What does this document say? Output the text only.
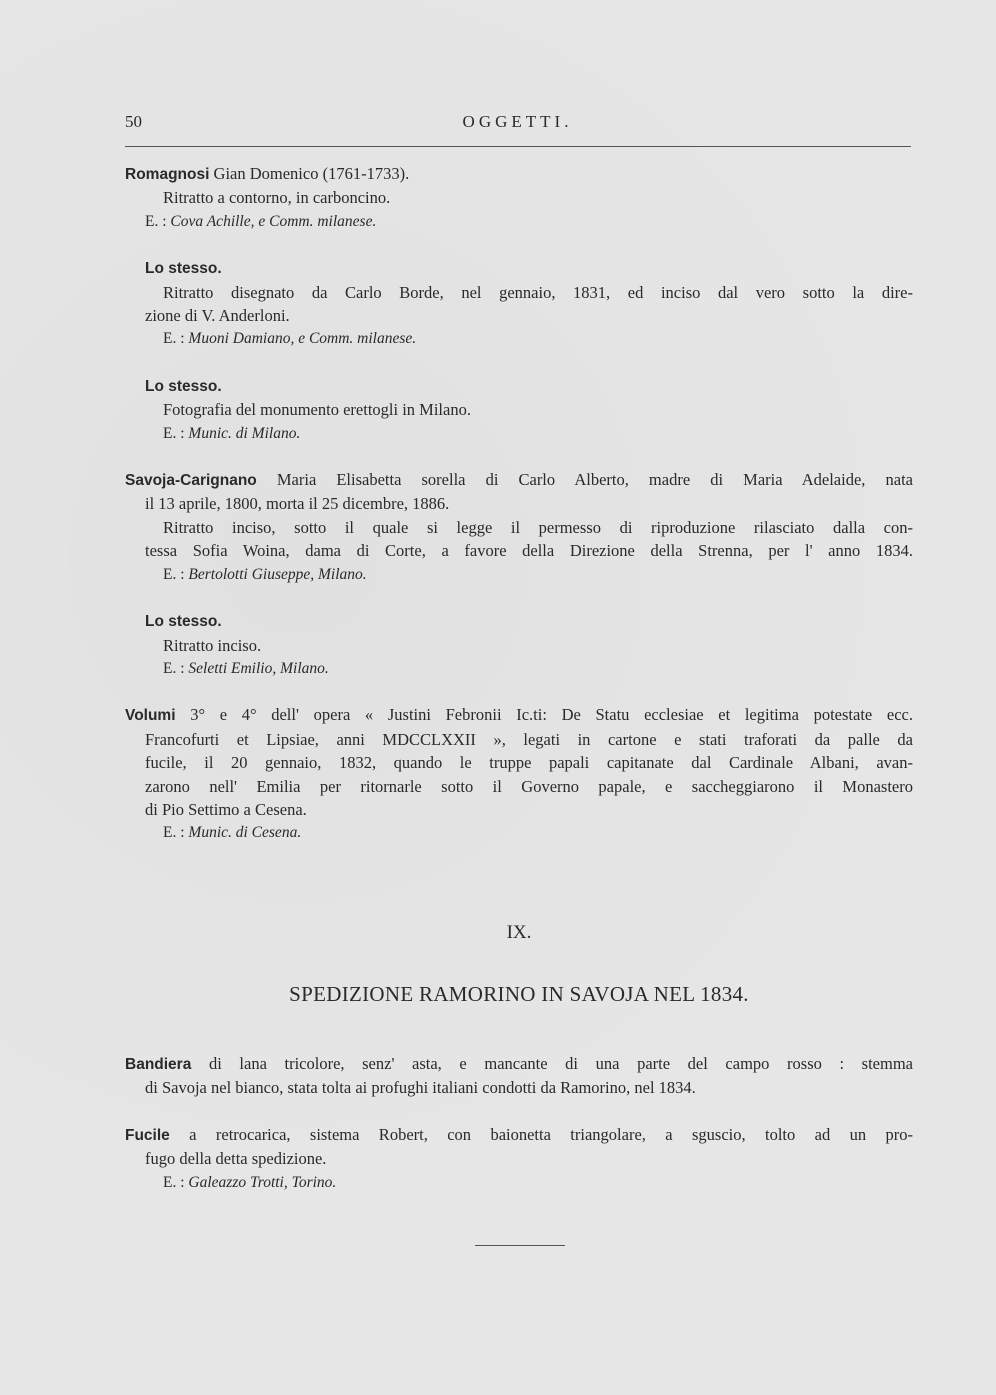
50	OGGETTI.

Romagnosi Gian Domenico (1761-1733).

Ritratto a contorno, in carboncino.

E. : Cova Achille, e Comm. milanese.

Lo stesso.

Ritratto disegnato da Carlo Borde, nel gennaio, 1831, ed inciso dal vero sotto la dire-

zione di V. Anderloni.

E. : Muoni Damiano, e Comm. milanese.

Lo stesso.

Fotografia del monumento erettogli in Milano.

E. : Munic. di Milano.

Savoja-Carignano Maria Elisabetta sorella di Carlo Alberto, madre di Maria Adelaide, nata

il 13 aprile, 1800, morta il 25 dicembre, 1886.

Ritratto inciso, sotto il quale si legge il permesso di riproduzione rilasciato dalla con-

tessa Sofia Woina, dama di Corte, a favore della Direzione della Strenna, per l' anno 1834.

E. : Bertolotti Giuseppe, Milano.

Lo stesso.

Ritratto inciso.

E. : Seletti Emilio, Milano.

Volumi 3° e 4° dell' opera « Justini Febronii Ic.ti: De Statu ecclesiae et legitima potestate ecc.

Francofurti et Lipsiae, anni MDCCLXXII », legati in cartone e stati traforati da palle da

fucile, il 20 gennaio, 1832, quando le truppe papali capitanate dal Cardinale Albani, avan-

zarono nell' Emilia per ritornarle sotto il Governo papale, e saccheggiarono il Monastero

di Pio Settimo a Cesena.

E. : Munic. di Cesena.

IX.
SPEDIZIONE RAMORINO IN SAVOJA NEL 1834.

Bandiera di lana tricolore, senz' asta, e mancante di una parte del campo rosso : stemma

di Savoja nel bianco, stata tolta ai profughi italiani condotti da Ramorino, nel 1834.

Fucile a retrocarica, sistema Robert, con baionetta triangolare, a sguscio, tolto ad un pro-

fugo della detta spedizione.

E. : Galeazzo Trotti, Torino.
